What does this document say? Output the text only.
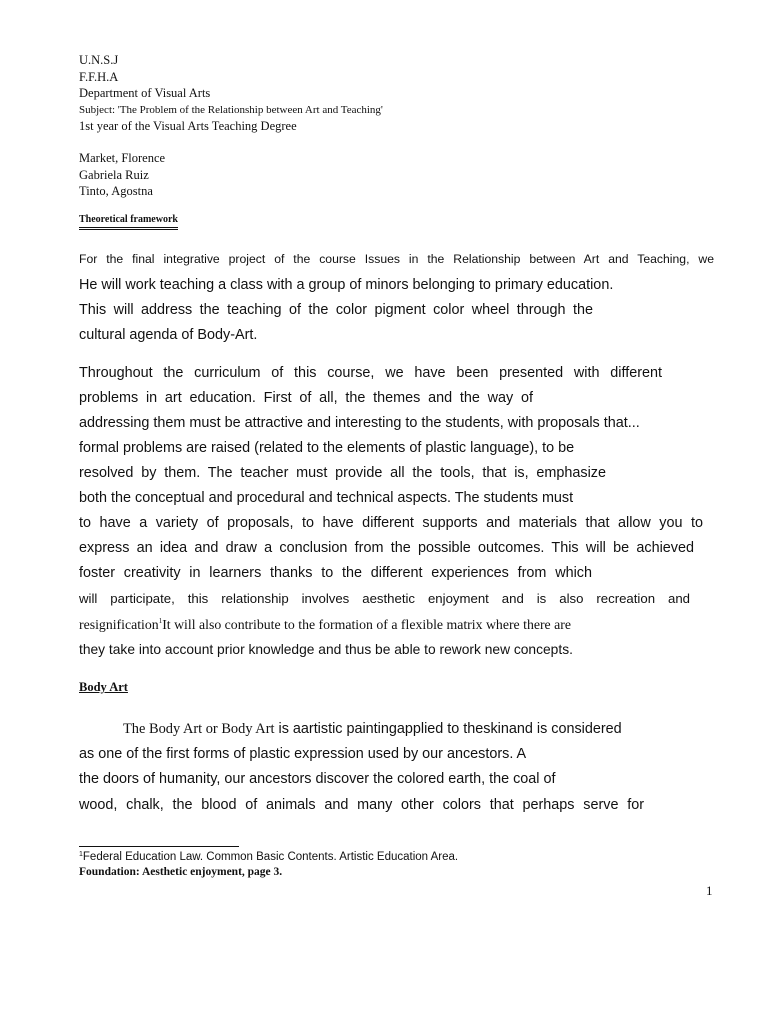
U.N.S.J
F.F.H.A
Department of Visual Arts
Subject: 'The Problem of the Relationship between Art and Teaching'
1st year of the Visual Arts Teaching Degree
Market, Florence
Gabriela Ruiz
Tinto, Agostna
Theoretical framework
For the final integrative project of the course Issues in the Relationship between Art and Teaching, we
He will work teaching a class with a group of minors belonging to primary education.
This will address the teaching of the color pigment color wheel through the
cultural agenda of Body-Art.
Throughout the curriculum of this course, we have been presented with different
problems in art education. First of all, the themes and the way of
addressing them must be attractive and interesting to the students, with proposals that...
formal problems are raised (related to the elements of plastic language), to be
resolved by them. The teacher must provide all the tools, that is, emphasize
both the conceptual and procedural and technical aspects. The students must
to have a variety of proposals, to have different supports and materials that allow you to
express an idea and draw a conclusion from the possible outcomes. This will be achieved
foster creativity in learners thanks to the different experiences from which
will participate, this relationship involves aesthetic enjoyment and is also recreation and
resignification$^1$It will also contribute to the formation of a flexible matrix where there are
they take into account prior knowledge and thus be able to rework new concepts.
Body Art
The Body Art or Body Art is aartistic paintingapplied to theskinand is considered
as one of the first forms of plastic expression used by our ancestors. A
the doors of humanity, our ancestors discover the colored earth, the coal of
wood, chalk, the blood of animals and many other colors that perhaps serve for
$^1$Federal Education Law. Common Basic Contents. Artistic Education Area.
Foundation: Aesthetic enjoyment, page 3.
1
